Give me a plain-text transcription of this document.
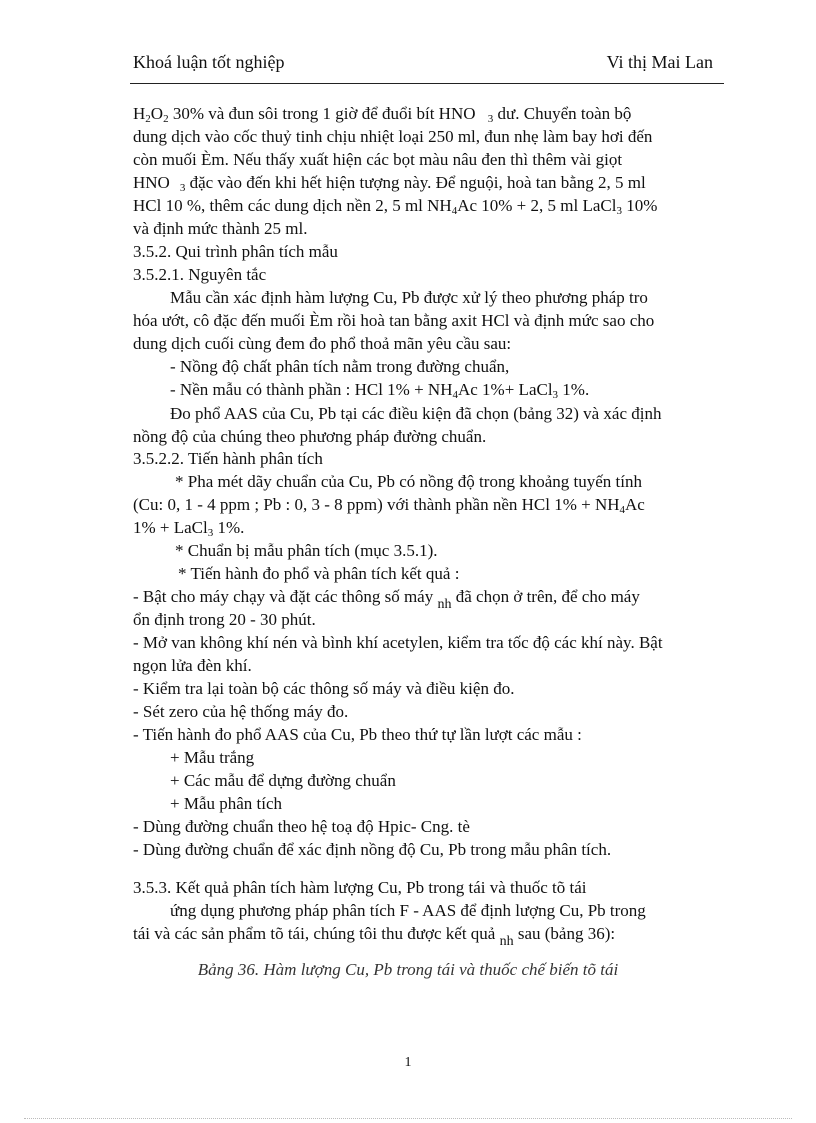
Khoá luận tốt nghiệp	Vi thị Mai Lan
$H_2O_2$ 30% và đun sôi trong 1 giờ để đuổi bít HNO $_3$ dư. Chuyển toàn bộ
dung dịch vào cốc thuỷ tinh chịu nhiệt loại 250 ml, đun nhẹ làm bay hơi đến
còn muối Èm. Nếu thấy xuất hiện các bọt màu nâu đen thì thêm vài giọt
HNO $_3$ đặc vào đến khi hết hiện tượng này. Để nguội, hoà tan bằng 2, 5 ml
HCl 10 %, thêm các dung dịch nền 2, 5 ml $NH_4Ac$ 10% + 2, 5 ml LaCl$_3$ 10%
và định mức thành 25 ml.
3.5.2. Qui trình phân tích mẫu
3.5.2.1. Nguyên tắc
Mẫu cần xác định hàm lượng Cu, Pb được xử lý theo phương pháp tro
hóa ướt, cô đặc đến muối Èm rồi hoà tan bằng axit HCl và định mức sao cho
dung dịch cuối cùng đem đo phổ thoả mãn yêu cầu sau:
- Nồng độ chất phân tích nằm trong đường chuẩn,
- Nền mẫu có thành phần : HCl $1\% + NH_4Ac$ 1%+ LaCl$_3$ 1%.
Đo phổ AAS của Cu, Pb tại các điều kiện đã chọn (bảng 32) và xác định
nồng độ của chúng theo phương pháp đường chuẩn.
3.5.2.2. Tiến hành phân tích
* Pha mét dãy chuẩn của Cu, Pb có nồng độ trong khoảng tuyến tính
(Cu: 0, 1 - 4 ppm ; Pb : 0, 3 - 8 ppm) với thành phần nền HCl $1\% + NH_4Ac$
1% + LaCl$_3$ 1%.
* Chuẩn bị mẫu phân tích (mục 3.5.1).
* Tiến hành đo phổ và phân tích kết quả :
- Bật cho máy chạy và đặt các thông số máy $_{nh}$ đã chọn ở trên, để cho máy
ổn định trong 20 - 30 phút.
- Mở van không khí nén và bình khí acetylen, kiểm tra tốc độ các khí này. Bật
ngọn lửa đèn khí.
- Kiểm tra lại toàn bộ các thông số máy và điều kiện đo.
- Sét zero của hệ thống máy đo.
- Tiến hành đo phổ AAS của Cu, Pb theo thứ tự lần lượt các mẫu :
+ Mẫu trắng
+ Các mẫu để dựng đường chuẩn
+ Mẫu phân tích
- Dùng đường chuẩn theo hệ toạ độ Hpic- Cng. tè
- Dùng đường chuẩn để xác định nồng độ Cu, Pb trong mẫu phân tích.
3.5.3. Kết quả phân tích hàm lượng Cu, Pb trong tái và thuốc tõ tái
ứng dụng phương pháp phân tích F - AAS để định lượng Cu, Pb trong
tái và các sản phẩm tõ tái, chúng tôi thu được kết quả $_{nh}$ sau (bảng 36):
Bảng 36. Hàm lượng Cu, Pb trong tái và thuốc chế biến tõ tái
1
